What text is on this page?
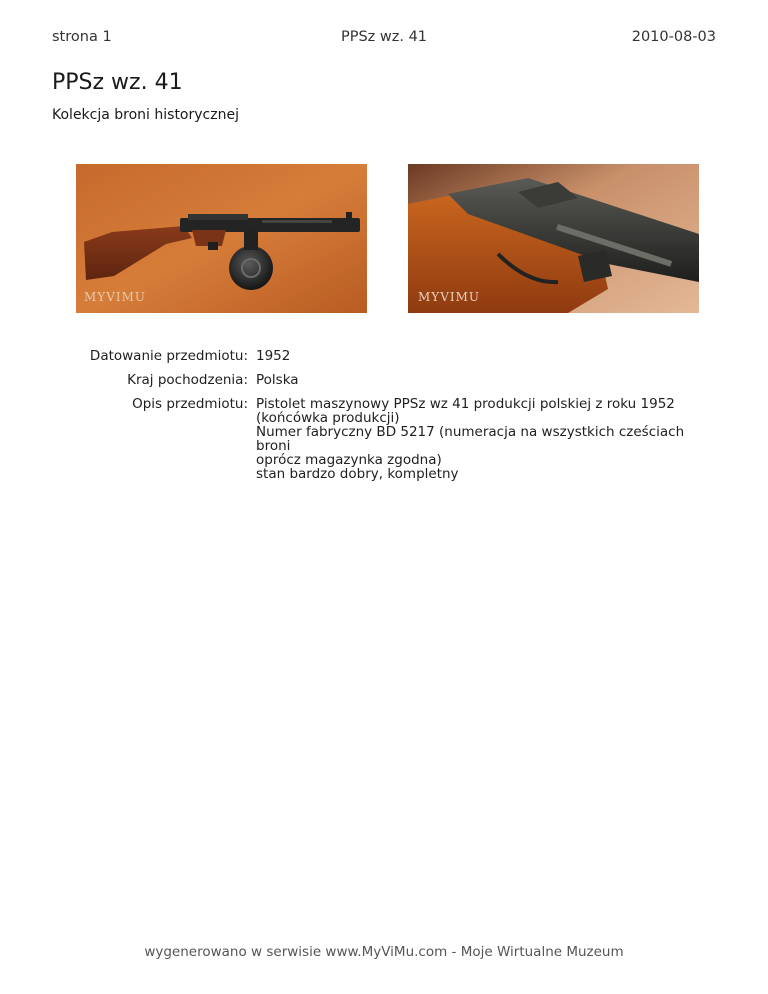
strona 1	PPSz wz. 41	2010-08-03
PPSz wz. 41
Kolekcja broni historycznej
MYVIMU	MYVIMU
Datowanie przedmiotu: 1952
Kraj pochodzenia: Polska
Opis przedmiotu: Pistolet maszynowy PPSz wz 41 produkcji polskiej z roku 1952
(końcówka produkcji)
Numer fabryczny BD 5217 (numeracja na wszystkich cześciach broni
oprócz magazynka zgodna)
stan bardzo dobry, kompletny
wygenerowano w serwisie www.MyViMu.com - Moje Wirtualne Muzeum
